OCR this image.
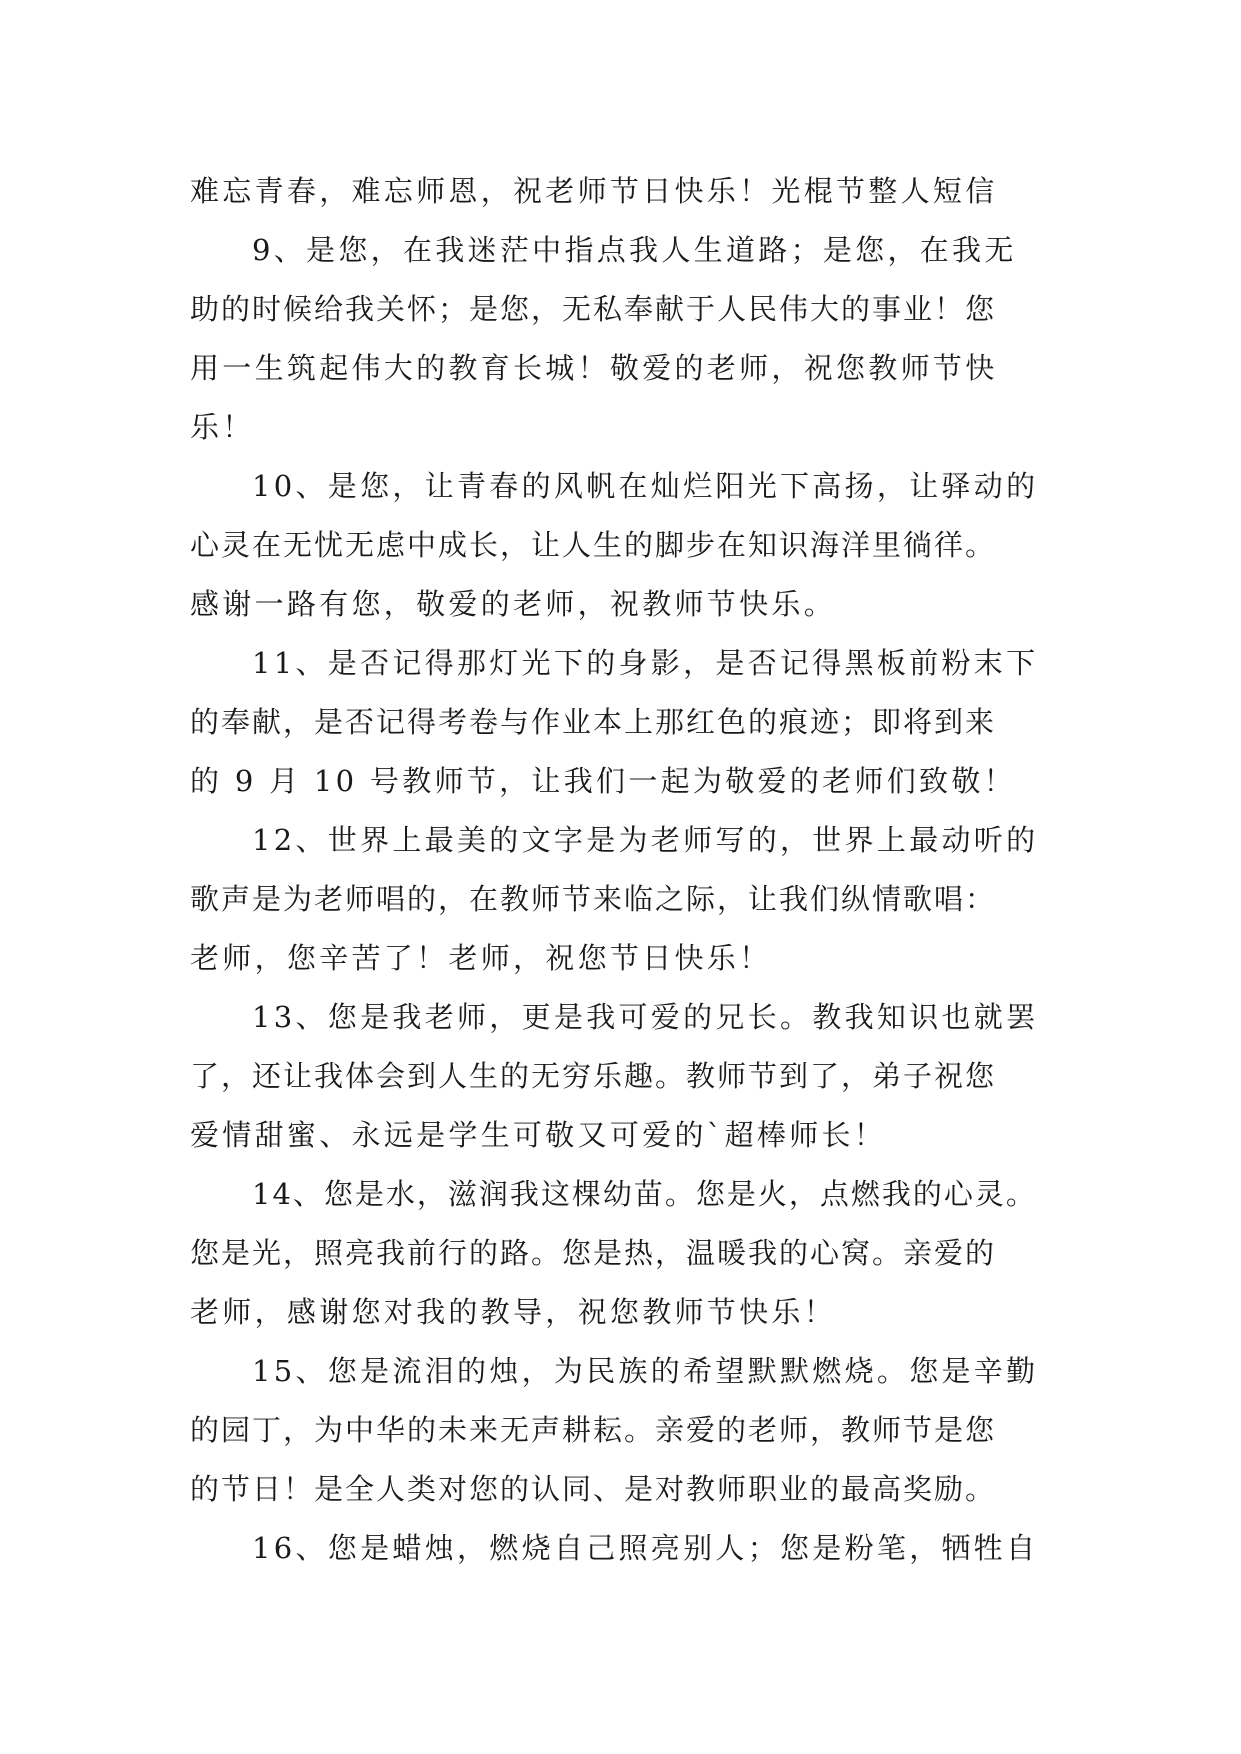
难忘青春，难忘师恩，祝老师节日快乐！光棍节整人短信
9、是您，在我迷茫中指点我人生道路；是您，在我无
助的时候给我关怀；是您，无私奉献于人民伟大的事业！您
用一生筑起伟大的教育长城！敬爱的老师，祝您教师节快
乐！
10、是您，让青春的风帆在灿烂阳光下高扬，让驿动的
心灵在无忧无虑中成长，让人生的脚步在知识海洋里徜徉。
感谢一路有您，敬爱的老师，祝教师节快乐。
11、是否记得那灯光下的身影，是否记得黑板前粉末下
的奉献，是否记得考卷与作业本上那红色的痕迹；即将到来
的 9 月 10 号教师节，让我们一起为敬爱的老师们致敬！
12、世界上最美的文字是为老师写的，世界上最动听的
歌声是为老师唱的，在教师节来临之际，让我们纵情歌唱：
老师，您辛苦了！老师，祝您节日快乐！
13、您是我老师，更是我可爱的兄长。教我知识也就罢
了，还让我体会到人生的无穷乐趣。教师节到了，弟子祝您
爱情甜蜜、永远是学生可敬又可爱的`超棒师长！
14、您是水，滋润我这棵幼苗。您是火，点燃我的心灵。
您是光，照亮我前行的路。您是热，温暖我的心窝。亲爱的
老师，感谢您对我的教导，祝您教师节快乐！
15、您是流泪的烛，为民族的希望默默燃烧。您是辛勤
的园丁，为中华的未来无声耕耘。亲爱的老师，教师节是您
的节日！是全人类对您的认同、是对教师职业的最高奖励。
16、您是蜡烛，燃烧自己照亮别人；您是粉笔，牺牲自
